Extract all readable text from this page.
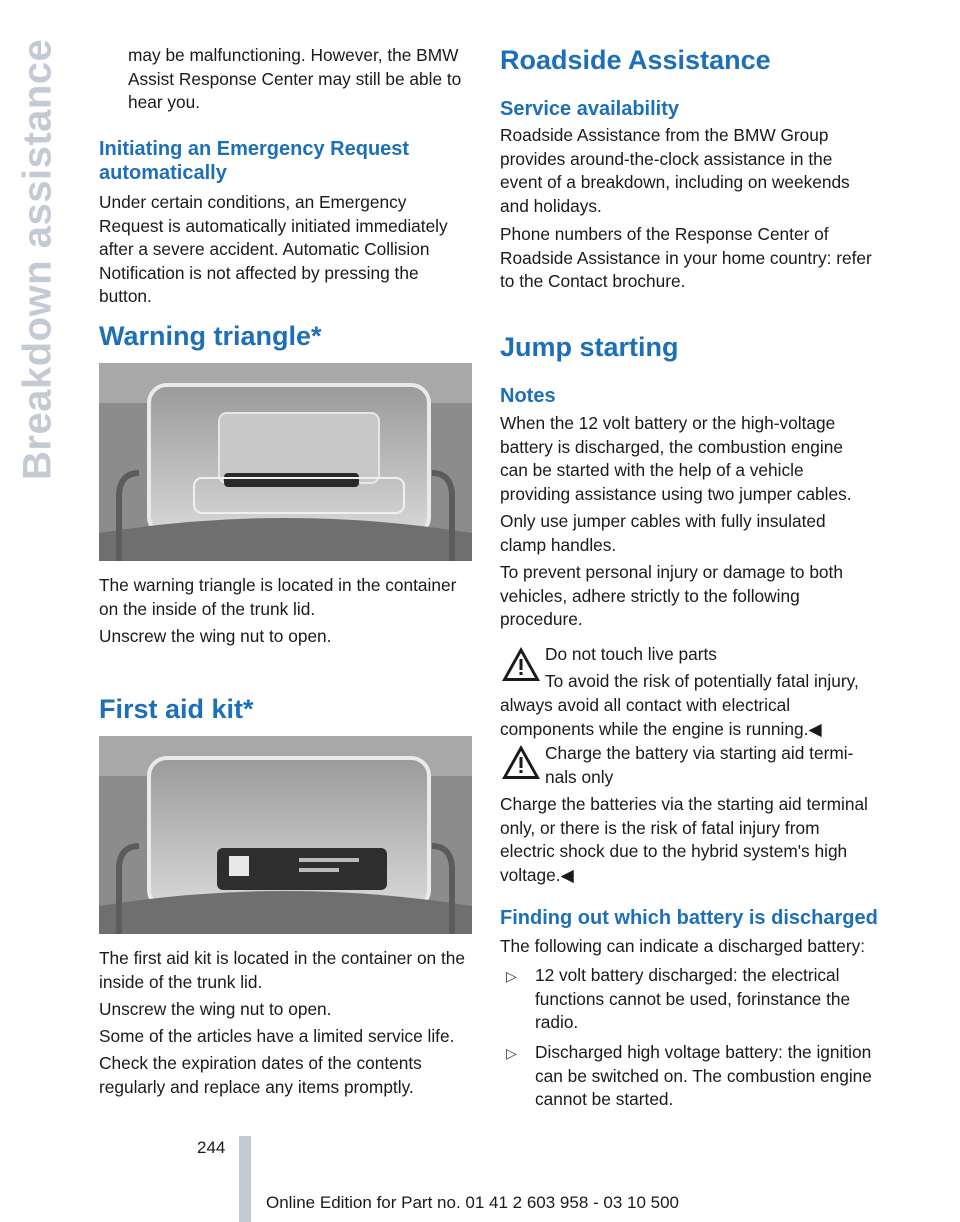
Breakdown assistance	may be malfunctioning. However, the BMW Assist Response Center may still be able to hear you.

Initiating an Emergency Request automatically

Under certain conditions, an Emergency Request is automatically initiated immediately after a severe accident. Automatic Collision Notification is not affected by pressing the button.

Warning triangle*

The warning triangle is located in the container on the inside of the trunk lid.

Unscrew the wing nut to open.

First aid kit*

The first aid kit is located in the container on the inside of the trunk lid.

Unscrew the wing nut to open.

Some of the articles have a limited service life.

Check the expiration dates of the contents regularly and replace any items promptly.

Roadside Assistance
Service availability

Roadside Assistance from the BMW Group provides around-the-clock assistance in the event of a breakdown, including on weekends and holidays.

Phone numbers of the Response Center of Roadside Assistance in your home country: refer to the Contact brochure.

Jump starting
Notes

When the 12 volt battery or the high-voltage battery is discharged, the combustion engine can be started with the help of a vehicle providing assistance using two jumper cables.

Only use jumper cables with fully insulated clamp handles.

To prevent personal injury or damage to both vehicles, adhere strictly to the following procedure.

Do not touch live parts

To avoid the risk of potentially fatal injury,

always avoid all contact with electrical components while the engine is running.◀

Charge the battery via starting aid termi-

nals only

Charge the batteries via the starting aid terminal only, or there is the risk of fatal injury from electric shock due to the hybrid system's high voltage.◀

Finding out which battery is discharged

The following can indicate a discharged battery:

▷ 12 volt battery discharged: the electrical functions cannot be used, forinstance the radio.

▷ Discharged high voltage battery: the ignition can be switched on. The combustion engine cannot be started.

244
Online Edition for Part no. 01 41 2 603 958 - 03 10 500
